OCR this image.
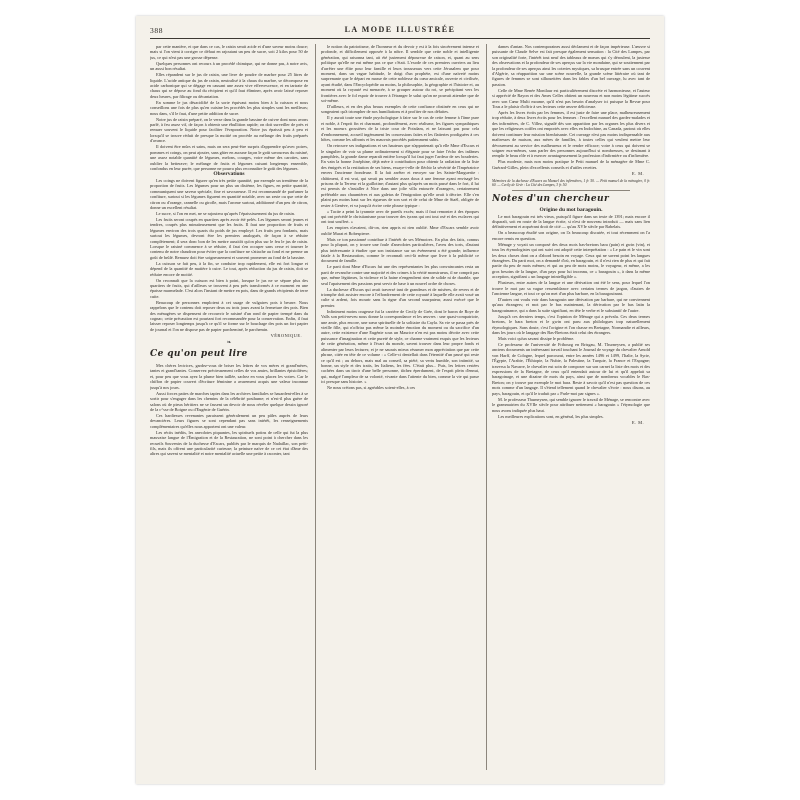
388	LA MODE ILLUSTRÉE

par cette manière, et que dans ce cas, le raisin serait acide et d'une saveur moins douce; mais si l'on vient à corriger ce défaut en rajoutant un peu de sucre, soit 2 kilos pour 50 de jus, ce qui n'est pas une grosse dépense.

Quelques personnes ont recours à un procédé chimique, qui ne donne pas, à notre avis, un aussi bon résultat.

Elles répandent sur le jus de raisin, une livre de poudre de marbre pour 25 litres de liquide. L'acide antique du jus de raisin, neutralisé à la chaux du marbre, se décompose en acide carbonique qui se dégage en causant une assez vive effervescence, et en tartrate de chaux qui se dépose au fond du récipient et qu'il faut éliminer, après avoir laissé reposer deux heures, par filtrage ou décantation.

En somme le jus désacidifié de la sorte équivaut moins bien à la cuisson et nous conseillons une fois de plus qu'en cuisine les procédés les plus simples sont les meilleurs; nous dans, s'il le faut, d'une petite addition de sucre.

Notre jus de raisin préparé, on le verse dans la grande bassine de cuivre dont nous avons parlé, à feu assez vif, de façon à obtenir une ébullition rapide; on doit surveiller de près et remuer souvent le liquide pour faciliter l'évaporation. Notre jus épaissit peu à peu et lorsqu'il se trouve réduit de presque la moitié on procède au mélange des fruits préparés d'avance.

Il doivent être mûrs et sains, mais on sera peut-être surpris d'apprendre qu'avec poires, pommes et coings, on peut ajouter, sans gâter en aucune façon le goût savoureux du raisiné, une assez notable quantité de légumes, melons, courges, voire même des carottes, sans oublier la betterave; le mélange de fruits et légumes cuisant longtemps ensemble, confondus en leur purée, que personne ne pourra plus reconnaître le goût des légumes.

Observations

Les coings ne doivent figurer qu'en très petite quantité, par exemple un trentième de la proportion de fruits. Les légumes pour un plus un dixième, les figues, en petite quantité, communiquent une saveur spéciale, fine et savoureuse. Il est recommandé de parfumer la confiture, surtout si les légumes figurent en quantité notable, avec un zeste ou que cette de citron ou d'orange, cannelle ou girofle, mais l'arome surtout, additionné d'un peu de citron, donne un excellent résultat.

Le sucre, si l'on en met, ne se rajoutera qu'après l'épaississement du jus de raisin.

Les fruits seront coupés en quartiers après avoir été pelés. Les légumes seront jeunes et tendres, coupés plus minutieusement que les fruits. Il faut une proportion de fruits et légumes environ des trois quarts du poids de jus employé. Les fruits peu fondants, mais surtout les légumes, devront être les premiers analogués, de façon à se réduire complètement; il sera donc bon de les mettre aussitôt qu'on plus sur le feu le jus de raisin. Lorsque le raisiné commence à se réduire, il faut s'en occuper sans cesse et tourner le contenu de notre chaudron pour éviter que la confiture ne s'attache au fond et ne prenne un goût de brûlé. Remuez doit être soigneusement et souvent promener au fond de la bassine.

La cuisson se fait peu, à la fin, se conduire trop rapidement, elle est fort longue et dépend de la quantité de matière à cuire. Le tout, après réduction du jus de raisin, doit se réduire encore de moitié.

On reconnaît que la cuisson est bien à point, lorsque le jus ne se sépare plus des quartiers de fruits, qui d'ailleurs se trouvent à peu près transformés à ce moment en une épaisse marmelade. C'est alors l'instant de mettre en pots, dans de grands récipients de terre cuite.

Beaucoup de personnes emploient à cet usage de vulgaires pots à beurre. Nous rappelons que le contenu doit reposer deux ou trois jours avant la fermeture des pots. Bien des ménagères se dispensent de recouvrir le raisiné d'un rond de papier trempé dans du cognac; cette précaution est pourtant fort recommandée pour la conservation. Enfin, il faut laisser reposer longtemps jusqu'à ce qu'il se forme sur le bouchage des pots un fort papier de journal et l'on ne dispose pas de papier parcheminé, le parchemin.

VÉRONIQUE.
❧
Ce qu'on peut lire

Mes chères lectrices, gardez-vous de briser les lettres de vos mères et grand'mères, tantes et grand'tantes. Conservez précieusement celles de vos amies, brillantes épistolières; et, pour peu que vous ayez la plume bien taillée, sachez en vous placez les votres. Car le chiffon de papier couvert d'écriture féminine a avarement acquis une valeur inconnue jusqu'à nos jours.

Aussi forces pattes de marches tapies dans les archives familiales se hasardent-elles à se sortir pour s'engager dans les chemins de la célébrité posthume; et n'est-il plus guère de salons où de pieux héritiers ne se fassent un devoir de nous révéler quelque dessin ignoré de la c^sse de Boigne ou d'Eugénie de Guérin.

Ces hardiesses revenantes paraissent généralement un peu pâles auprès de leurs devancières. Leurs figures se sont cependant pas sans intérêt, les renseignements complémentaires qu'elles nous apportent ont une valeur.

Les récits inédits, les anecdotes piquantes, les spirituels potins de celle qui fut la plus mauvaise langue de l'Émigration et de la Restauration, ne sont point à chercher dans les recueils Souvenirs de la duchesse d'Escars, publiés par le marquis de Nadaillac, son petit-fils, mais ils offrent une particularité curieuse; la peinture naïve de ce cet état d'âme des altres qui savent se mentalité et notre mentalité actuelle une petite à raconter, tant

le notion du patriotisme, de l'honneur et du devoir y est à la fois sincèrement intense et profonde, et difficilement opposée à la nôtre. Il semble que cette noble et intelligente génération, qui raisonna tant, ait été justement dépourvue de raison, et, quant au sens politique qu'elle ne eut même pas ce que c'était. L'exode de ces premiers ouvriers au lieu d'arrêter une élite pour leur famille et leurs trousseaux vers cette Jérusalem que pour moment, dans un vague habitude, le doigt d'un prophète, est d'une naïveté moins surprenante que le départ en masse de cette noblesse du cœur amicale, ouverte et civilisée, ayant étudié, dans l'Encyclopédie au moins, la philosophie, la géographie et l'histoire et, au moment où la royauté est menacée, à se grouper autour du roi, se précipitant vers les frontières avec le fol espoir de trouver à l'étranger le salut qu'on ne pouvait attendre que de soi-même.

D'ailleurs, et en des plus beaux exemples de cette confiance obstinée en ceux qui ne songeaient qu'à triompher de nos humiliations et à profiter de nos défaites.

Il y aurait toute une étude psychologique à faire sur le cas de cette femme à l'âme pure et noble, à l'esprit fin et charmant, profondément, avec réalisme, les figures sympathiques et les moeurs grossières de la triste cour de Potsdam, et ne laissant pas pour cela d'embonnement, accueil ingénument les concessions faites et les flatteries prodiguées à ces hôtes, comme les affronts et les mauvais procédés patiemment subis.

On retrouve ses indignations et ses hauteurs que n'appartenait qu'à elle Mme d'Escars et le singulier de voir sa plume ordinairement si élégante pour se faire l'écho des infâmes pamphlets, la grande dame reparaît entière lorsqu'il lui faut juger l'ardeur de ses bouderies. En vain la bonne Joséphine, déjà mère à contribution pour obtenir la radiation de la liste des émigrés et la restitution de ses biens, essaye-t-elle de fléchir la sévérité de l'Impératrice envers l'ancienne frondeuse. Il la fait arrêter et envoyer sur les Sainte-Marguerite : châtiment, il est vrai, qui serait pu sembler assez doux à une femme ayant envisagé les prisons de la Terreur et la guillotine; d'autant plus qu'après un mois passé dans le fort, il lui est permis de s'installer à Nice dans une jolie villa entourée d'orangers, certainement préférable aux chaumières et aux galetas de l'émigration qu'elle avait à décrire. Elle s'en plaint pas moins haut sur les rigueurs de son sort et de celui de Mme de Staël, obligée de rester à Genève, et va jusqu'à écrire cette phrase typique :

« Tacite a peint la tyrannie avec de pareils excès; mais il faut remonter à des époques qui ont précédé le christianisme pour trouver des tyrans qui ont tout osé et des esclaves qui ont tout souffert. »

Les empires n'avaient, dit-on, rien appris ni rien oublié. Mme d'Escars semble avoir oublié Murat et Robespierre.

Mais ce ton passionné contribue à l'intérêt de ses Mémoires. En plus des faits, connus pour la plupart, on y trouve une foule d'anecdotes particulières, l'aveu des torts, d'autant plus intéressante à étudier que son insistance sur un événement a été grande; influence fatale à la Restauration, comme le reconnaît ceci-là même que livre à la publicité ce document de famille.

Le parti dont Mme d'Escars fut une des représentantes les plus convaincantes resta un parti de revanche contre une majorité et des crimes à la vérité monstrueux, il ne comprit pas que, même légitimes, la violence et la haine n'engendrent rien de solide ni de durable, que seul l'apaisement des passions peut servir de base à un nouvel ordre de choses.

La duchesse d'Escars qui avait traversé tant de grandeurs et de misères, de revers et de triomphe doit assister encore à l'effondrement de cette royauté à laquelle elle avait voué un culte si ardent, fois mourir sans la rigne d'un second usurpateur, aussi exécré que le premier.

Infiniment moins orageuse fut la carrière de Cecily de Grée, dont le baron de Roye de Valls son petit-neveu nous donne la correspondance et les œuvres : une quasi-compatriote, une amie, plus encore, une sœur spirituelle de la solitaire du Cayla. Sa vie se passa près de vieille fille, qui n'offrira pas même la moindre émotion du moment ou du sacrifice d'un autre, cette existence d'une Eugénie sous un Maurice n'en est pas moins décrite avec cette puissance d'imagination et cette pureté de style, ce charme vraiment exquis que les lecteurs de cette génération, même à l'écart du monde, savent trouver dans leur propre fonds et alimenter par leurs lectures; et je ne saurais mieux résumer mon appréciation que par cette phrase, citée en tête de ce volume : « Celle-ci dentellait dans l'éternité d'un passé qui reste ce qu'il est ; au dehors, mais mal au conseil, sa piété, sa vertu humble, son intimité, sa bonne, un style et des traits, les Italiens, les fées. C'était plus... Puis, les lettres restées cachées dans un tiroir d'une belle personne, tâchez éperdument, de l'esprit plein d'ennui, qui, malgré l'ampleur de sa volonté, vivante dans l'attente du bien, comme la vie qui passe ici presque sans histoire. »

Ne nous crétons pas, si agréables soient-elles, à ces

dames d'antan. Nos contemporaines aussi déclament et de façon impérieuse. L'œuvre si puissante de Claude Selve est fait presque également sensation : la Cité des Lampes, par son originalité forte, l'intérêt tout neuf des tableaux de mœurs qui s'y déroulent, la justesse des observations et la profondeur de ses aperçus sur la vie mondaine, qui se soutiennent par la profondeur de ses aperçus ainsi les coteries mystiques, sa brusque entrée sans un couvent d'Algérie, sa réapparition sur une scène nouvelle, la grande scène littéraire où tant de figures de femmes se sont silhouettées dans les fables d'un bel ouvrage, lu avec tant de passion.

Celle de Mme Renée Montlaur est particulièrement discrète et harmonieuse, et l'auteur si apprécié de Rayon et des Ames Celles obtient un nouveau et non moins légitime succès avec son Cœur Multi moame, qu'il n'est pas besoin d'analyser ici puisque la Revue pour Tous a le plaisir d'offrir à ses lecteurs cette œuvre délicieuse.

Après les livres écrits par les femmes, il est juste de faire une place, malheureusement trop réduite, à deux livres écrits pour les femmes : l'excellent manuel des gardes-malades et des infirmières, de C. Villez, signalé dès son apparition par les organes les plus divers et que les religieuses coiffes ont emportés avec elles en Indochine, au Canada, partout où elles doivent continuer leur mission bienfaisante. Cet ouvrage n'est pas moins indispensable aux maîtresses de maison, aux mères de familles, à toutes celles qui veulent mettre leur dévouement au service des malheureux et le rendre efficace; votre à ceux qui doivent se soigner eux-mêmes, sans parler des personnes aujourd'hui si nombreuses, se destinant à remplir le beau rôle et à exercer avantageusement la profession d'infirmière ou d'infirmière.

Plus modeste, mais non moins pratique le Petit manuel de la ménagère de Mme C. Guérard-Gilles, plein d'excellents conseils et d'utiles recettes.

E. M.

Mémoires de la duchesse d'Escars au Manuel des infirmières, 1 fr. 50. — Petit manuel de la ménagère, 0 fr. 60. — Cecily de Grée : La Cité des Lampes, 3 fr. 50.

Notes d'un chercheur

Origine du mot baragouin.

Le mot baragouin est très vieux, puisqu'il figure dans un texte de 1391; mais encore il disparaît, soit en route de la langue écrite, si n'est de nouveau introduit — mais sans lien définitivement et acquérant droit de cité — qu'au XVIe siècle par Rabelais.

On a beaucoup étudié son origine, on l'a beaucoup discutée, et tout récemment on l'a encore remis en question.

Ménage y voyait un composé des deux mots bas-bretons bara (pain) et gwin (vin), et tous les étymologistes qui ont suivi ont adopté cette interprétation : « Le pain et le vin sont les deux choses dont on a d'abord besoin en voyage. Ceux qui ne savent point les langues étrangères. Du parti mot, on a demandé d'où, en baragouin, et il n'est rien de plus et qui fait partie du peu de mots mêmes; et qui au peu de mots moins, le voyageur, et même, a les gros besoins de la langue, d'un pays pour lui inconnu, ce « baragouin », à dans la même acception, signifiant « un langage inintelligible ».

Plusieurs, entre autres de la langue et une dérivation ont été le sens, pour lequel l'on trouve le mot par sa vague ressemblance avec certains termes de jargon, d'autres de l'ancienne langue, et tout ce qu'on met d'un plus barbare, en la baragouinant.

D'autres ont voulu voir dans baragouin une dérivation par barbare, qui ne conviennent qu'aux étrangers; et mot par le bas maintenant, la dérivation par le bas latin la baragouinance, qui a dans la suite signifiant, en tête le verbe et le substantif de l'autre.

Jusqu'à ces derniers temps, c'est l'opinion de Ménage qui a prévalu. Ces deux termes bretons, le bara breton et le gwin ont paru aux philologues trop naturellement étymologiques. Sans doute, c'est l'origine et l'on chasse en Bretagne, Normandie et ailleurs, dans les jours où le langage des Bas-Bretons était celui des étrangers.

Mais voici qu'un savant dissipe le problème.

Ce professeur de l'université de Fribourg en Brisgau, M. Thurneysen, a publié ses anciens documents un intéressant travail touchant le Journal de voyage du chevalier Arnold von Harff, de Cologne, lequel parcourut, entre les années 1496 et 1499, l'Italie, la Syrie, l'Égypte, l'Arabie, l'Éthiopie, la Nubie, la Palestine, la Turquie, la France et l'Espagne; traversa la Navarre, le chevalier eut soin de composer sur son carnet la liste des mots et des expressions de la Bretagne, de ceux qu'il entendait autour de lui et qu'il appelait sa baragoinage, et une dizaine de mots du pays, ainsi que de nombreux vocables le Bas-Breton; on y trouve par exemple le mot bara. Reste à savoir qu'il n'est pas question de ces mots comme d'un langage. Il s'étend tellement quand le chevalier s'écrie : nous disons, au pays, baragouin, et qu'il le traduit par « Parle-moi par signes ».

M. le professeur Thurneysen, qui semble ignorer le travail de Ménage, se rencontre avec le grammairien du XVIIe siècle pour attribuer nettement « baragouin » l'étymologie que nous avons indiquée plus haut.

Les meilleures explications sont, en général, les plus simples.

E. M.
